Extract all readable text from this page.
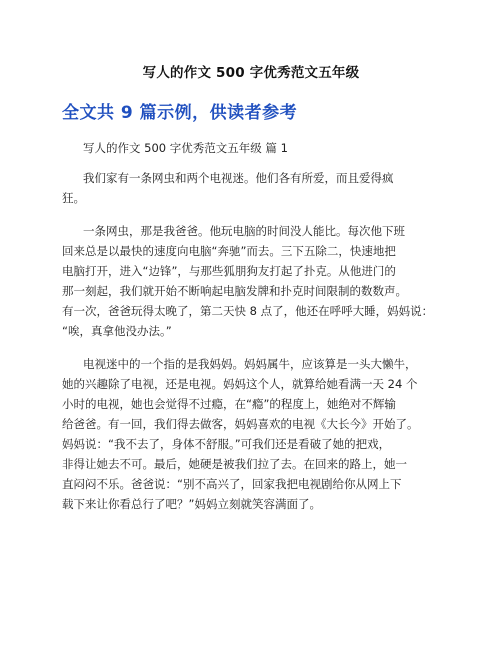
写人的作文 500 字优秀范文五年级
全文共 9 篇示例，供读者参考
写人的作文 500 字优秀范文五年级 篇 1
我们家有一条网虫和两个电视迷。他们各有所爱，而且爱得疯
狂。
一条网虫，那是我爸爸。他玩电脑的时间没人能比。每次他下班
回来总是以最快的速度向电脑“奔驰”而去。三下五除二，快速地把
电脑打开，进入“边锋”，与那些狐朋狗友打起了扑克。从他进门的
那一刻起，我们就开始不断响起电脑发牌和扑克时间限制的数数声。
有一次，爸爸玩得太晚了，第二天快 8 点了，他还在呼呼大睡，妈妈说：
“唉，真拿他没办法。”
电视迷中的一个指的是我妈妈。妈妈属牛，应该算是一头大懒牛，
她的兴趣除了电视，还是电视。妈妈这个人，就算给她看满一天 24 个
小时的电视，她也会觉得不过瘾，在“瘾”的程度上，她绝对不辉输
给爸爸。有一回，我们得去做客，妈妈喜欢的电视《大长今》开始了。
妈妈说：“我不去了，身体不舒服。”可我们还是看破了她的把戏，
非得让她去不可。最后，她硬是被我们拉了去。在回来的路上，她一
直闷闷不乐。爸爸说：“别不高兴了，回家我把电视剧给你从网上下
载下来让你看总行了吧？”妈妈立刻就笑容满面了。
